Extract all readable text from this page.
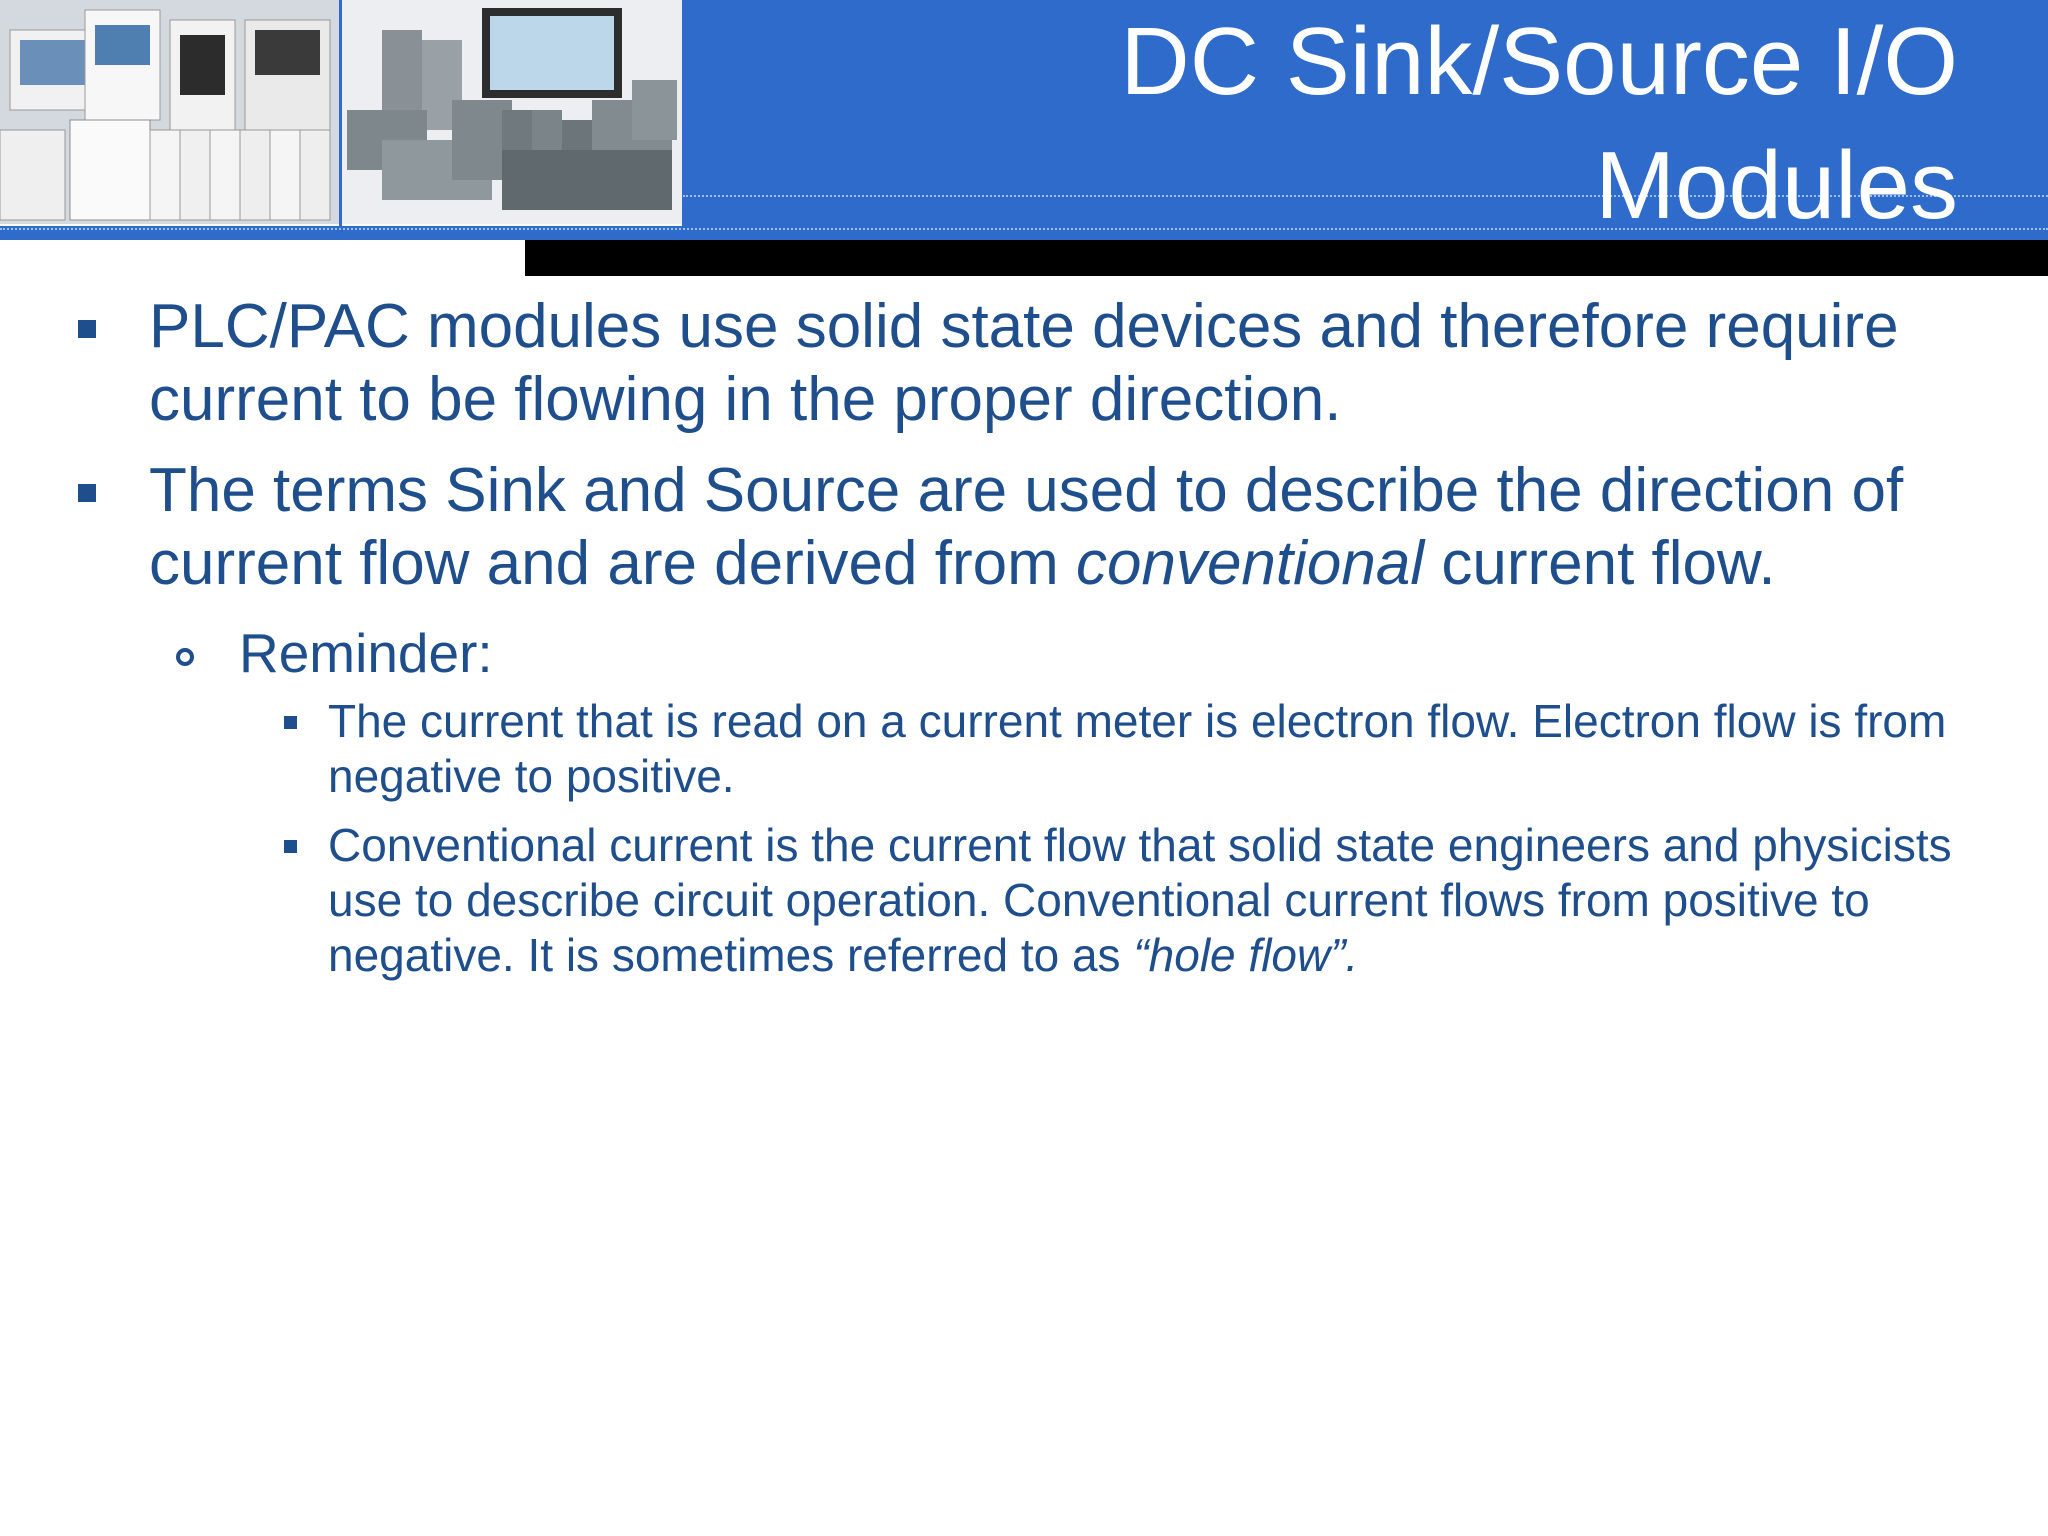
DC Sink/Source I/O
Modules
PLC/PAC modules use solid state devices and therefore require current to be flowing in the proper direction.
The terms Sink and Source are used to describe the direction of current flow and are derived from conventional current flow.
Reminder:
The current that is read on a current meter is electron flow. Electron flow is from negative to positive.
Conventional current is the current flow that solid state engineers and physicists use to describe circuit operation. Conventional current flows from positive to negative. It is sometimes referred to as “hole flow”.
